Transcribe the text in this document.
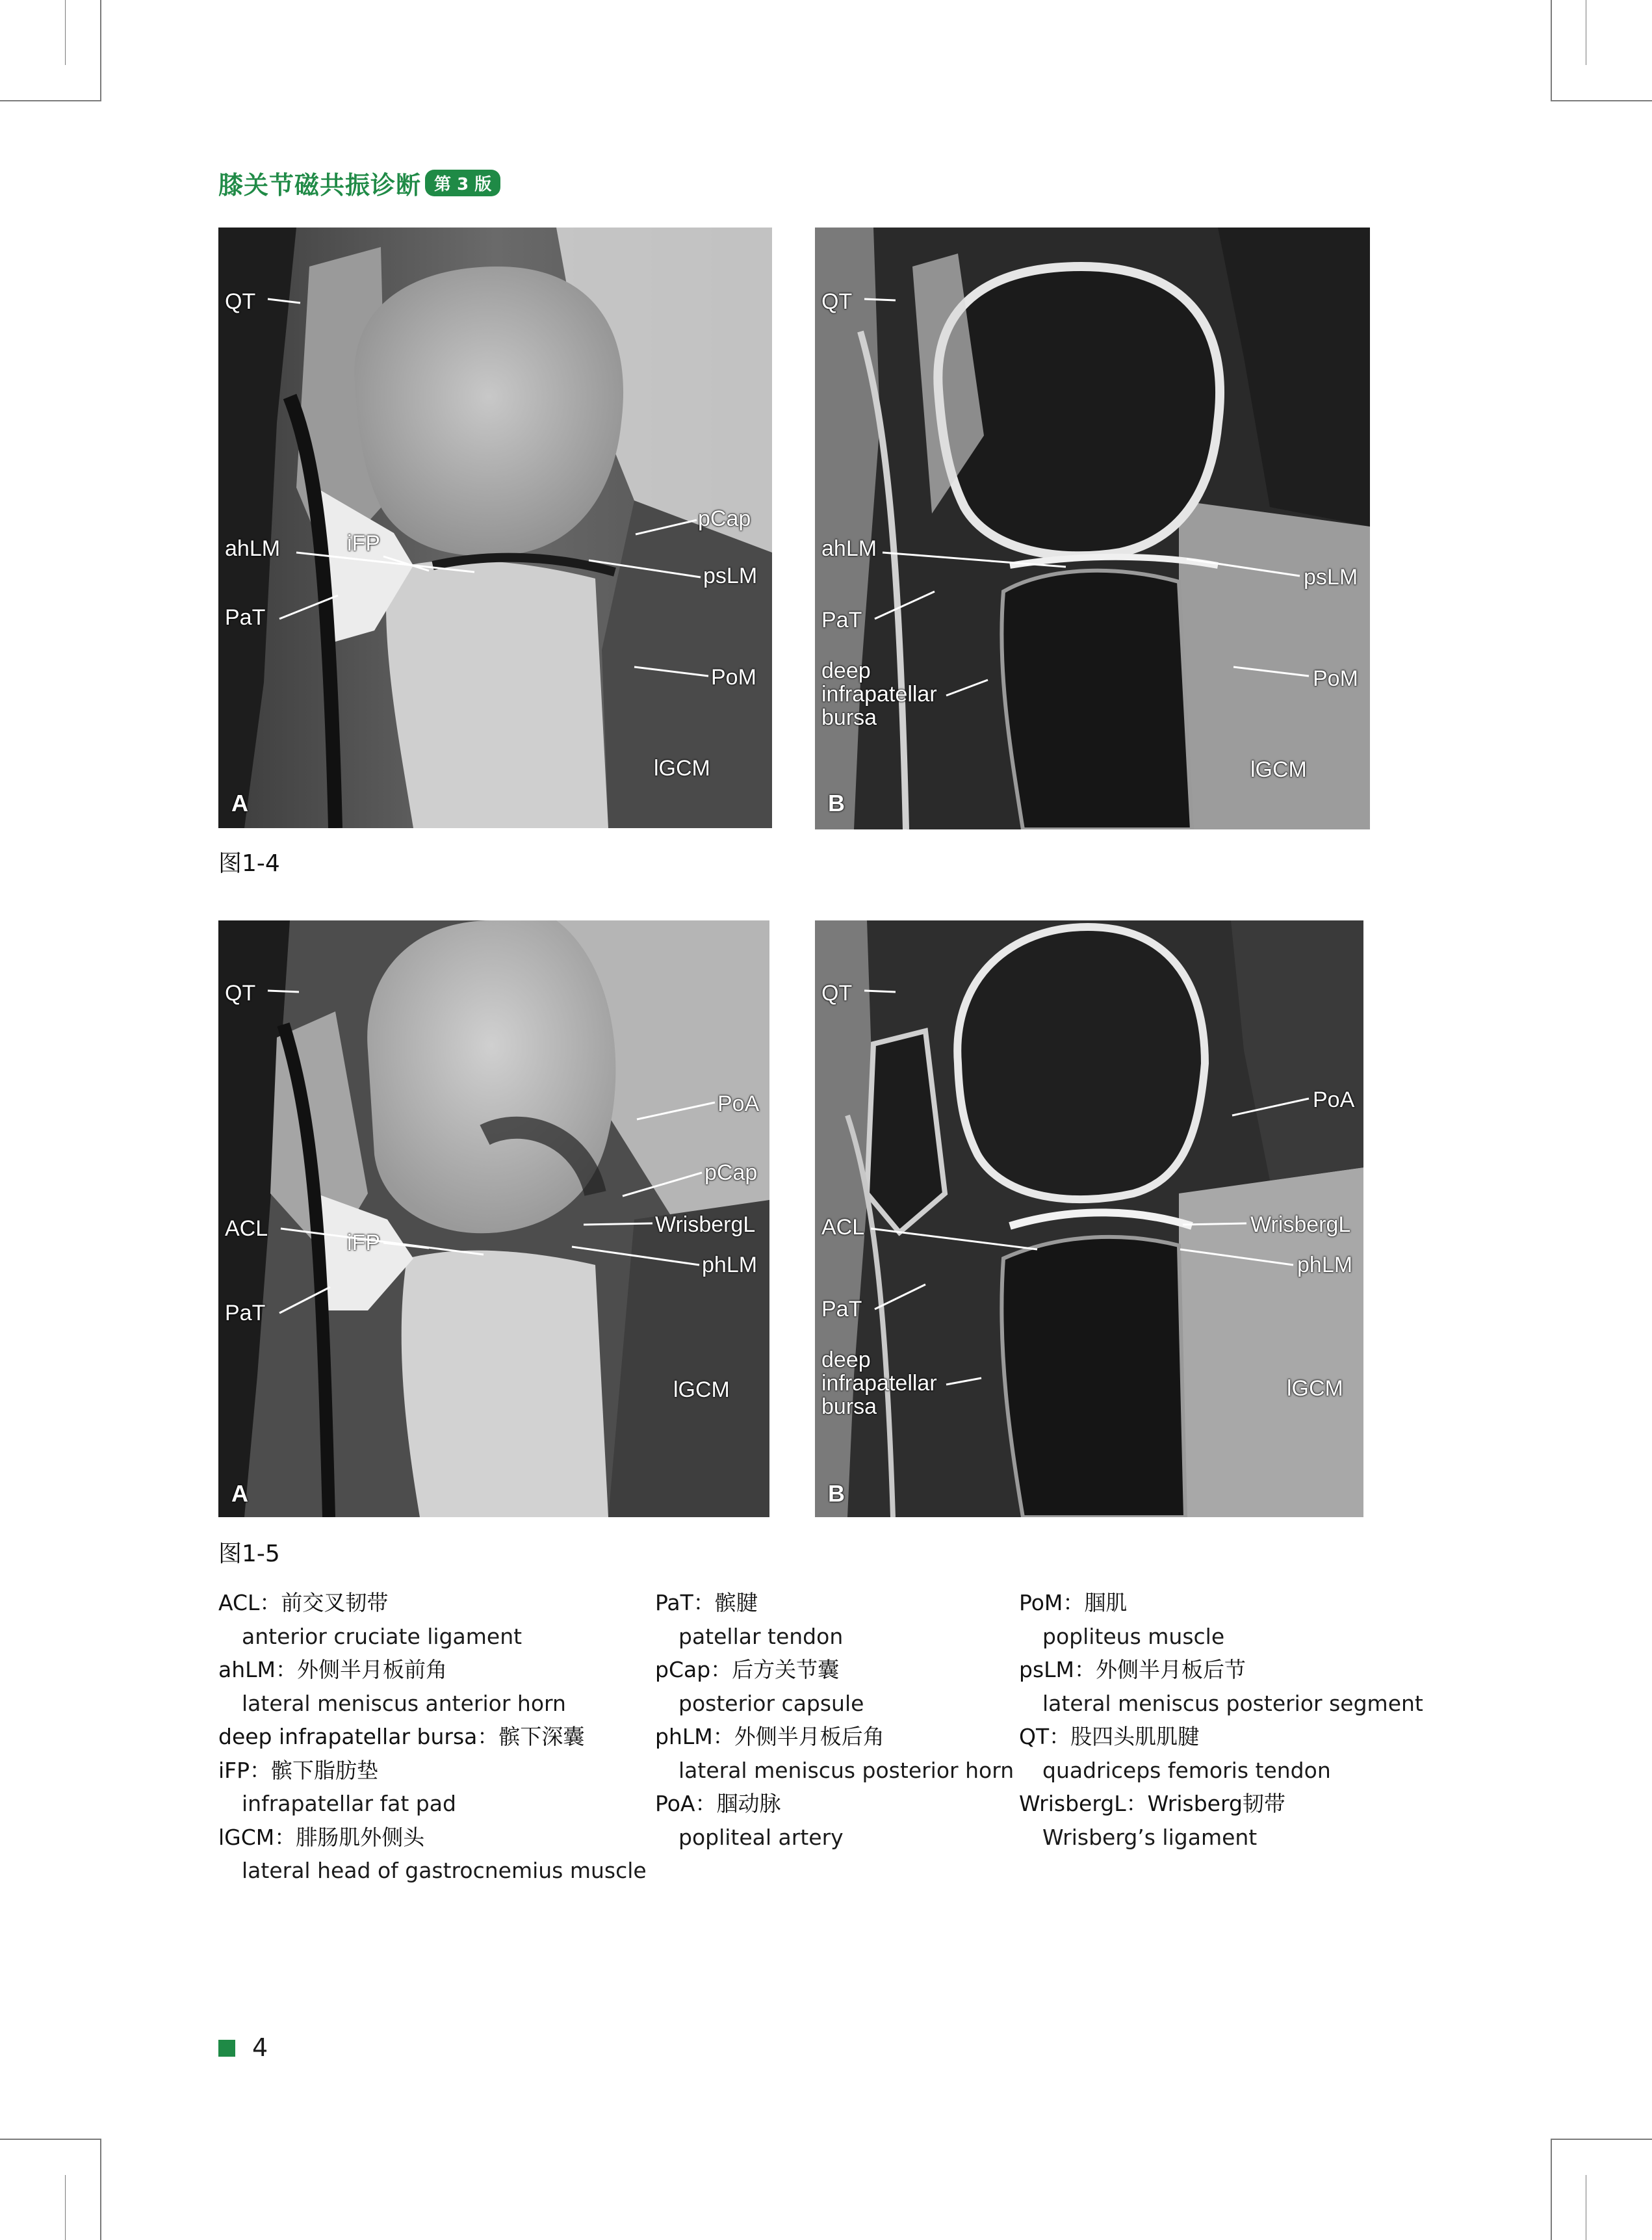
膝关节磁共振诊断 第 3 版
QT
ahLM	iFP
PaT
pCap
psLM
PoM
lGCM
A
QT
ahLM
PaT
deep
infrapatellar
bursa
psLM
PoM
lGCM
B
图1-4
QT
PoA
pCap
ACL
iFP
WrisbergL
phLM
PaT
lGCM
A
QT
PoA
ACL	WrisbergL
phLM
PaT
deep
infrapatellar
bursa
lGCM
B
图1-5
ACL：前交叉韧带
anterior cruciate ligament
ahLM：外侧半月板前角
lateral meniscus anterior horn
deep infrapatellar bursa：髌下深囊
iFP：髌下脂肪垫
infrapatellar fat pad
lGCM：腓肠肌外侧头
lateral head of gastrocnemius muscle
PaT：髌腱
patellar tendon
pCap：后方关节囊
posterior capsule
phLM：外侧半月板后角
lateral meniscus posterior horn
PoA：腘动脉
popliteal artery
PoM：腘肌
popliteus muscle
psLM：外侧半月板后节
lateral meniscus posterior segment
QT：股四头肌肌腱
quadriceps femoris tendon
WrisbergL：Wrisberg韧带
Wrisberg’s ligament
4
